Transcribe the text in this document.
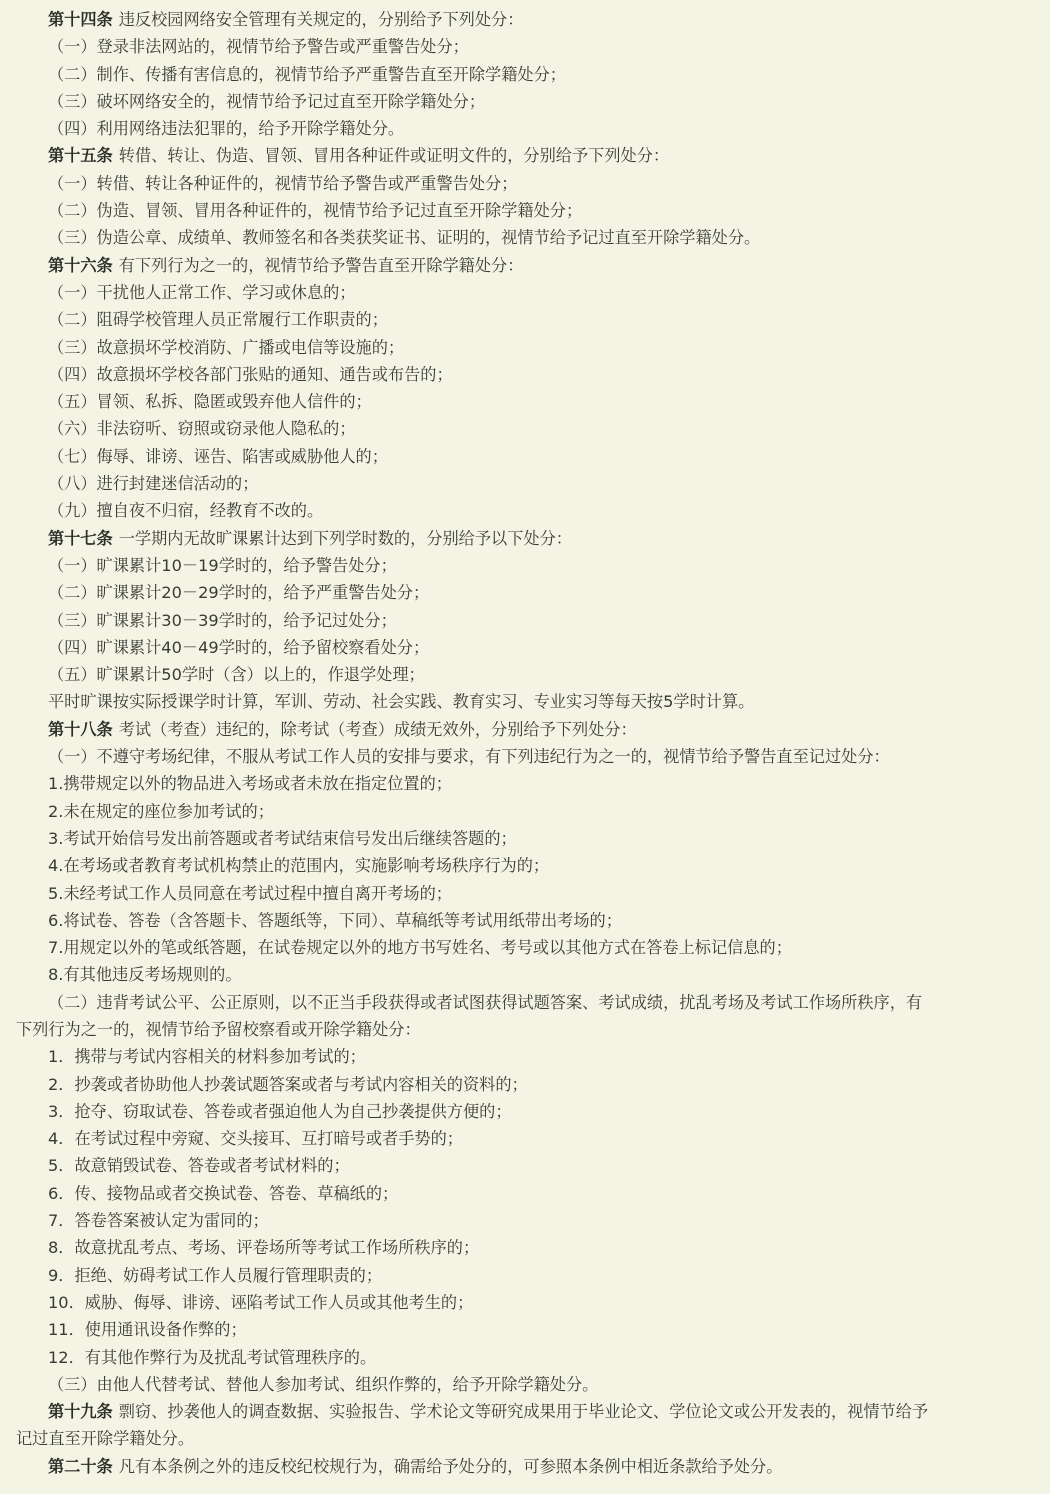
第十四条 违反校园网络安全管理有关规定的，分别给予下列处分：
（一）登录非法网站的，视情节给予警告或严重警告处分；
（二）制作、传播有害信息的，视情节给予严重警告直至开除学籍处分；
（三）破坏网络安全的，视情节给予记过直至开除学籍处分；
（四）利用网络违法犯罪的，给予开除学籍处分。
第十五条 转借、转让、伪造、冒领、冒用各种证件或证明文件的，分别给予下列处分：
（一）转借、转让各种证件的，视情节给予警告或严重警告处分；
（二）伪造、冒领、冒用各种证件的，视情节给予记过直至开除学籍处分；
（三）伪造公章、成绩单、教师签名和各类获奖证书、证明的，视情节给予记过直至开除学籍处分。
第十六条 有下列行为之一的，视情节给予警告直至开除学籍处分：
（一）干扰他人正常工作、学习或休息的；
（二）阻碍学校管理人员正常履行工作职责的；
（三）故意损坏学校消防、广播或电信等设施的；
（四）故意损坏学校各部门张贴的通知、通告或布告的；
（五）冒领、私拆、隐匿或毁弃他人信件的；
（六）非法窃听、窃照或窃录他人隐私的；
（七）侮辱、诽谤、诬告、陷害或威胁他人的；
（八）进行封建迷信活动的；
（九）擅自夜不归宿，经教育不改的。
第十七条 一学期内无故旷课累计达到下列学时数的，分别给予以下处分：
（一）旷课累计10－19学时的，给予警告处分；
（二）旷课累计20－29学时的，给予严重警告处分；
（三）旷课累计30－39学时的，给予记过处分；
（四）旷课累计40－49学时的，给予留校察看处分；
（五）旷课累计50学时（含）以上的，作退学处理；
平时旷课按实际授课学时计算，军训、劳动、社会实践、教育实习、专业实习等每天按5学时计算。
第十八条 考试（考查）违纪的，除考试（考查）成绩无效外，分别给予下列处分：
（一）不遵守考场纪律，不服从考试工作人员的安排与要求，有下列违纪行为之一的，视情节给予警告直至记过处分：
1.携带规定以外的物品进入考场或者未放在指定位置的；
2.未在规定的座位参加考试的；
3.考试开始信号发出前答题或者考试结束信号发出后继续答题的；
4.在考场或者教育考试机构禁止的范围内，实施影响考场秩序行为的；
5.未经考试工作人员同意在考试过程中擅自离开考场的；
6.将试卷、答卷（含答题卡、答题纸等，下同）、草稿纸等考试用纸带出考场的；
7.用规定以外的笔或纸答题，在试卷规定以外的地方书写姓名、考号或以其他方式在答卷上标记信息的；
8.有其他违反考场规则的。
（二）违背考试公平、公正原则，以不正当手段获得或者试图获得试题答案、考试成绩，扰乱考场及考试工作场所秩序，有
下列行为之一的，视情节给予留校察看或开除学籍处分：
1．携带与考试内容相关的材料参加考试的；
2．抄袭或者协助他人抄袭试题答案或者与考试内容相关的资料的；
3．抢夺、窃取试卷、答卷或者强迫他人为自己抄袭提供方便的；
4．在考试过程中旁窥、交头接耳、互打暗号或者手势的；
5．故意销毁试卷、答卷或者考试材料的；
6．传、接物品或者交换试卷、答卷、草稿纸的；
7．答卷答案被认定为雷同的；
8．故意扰乱考点、考场、评卷场所等考试工作场所秩序的；
9．拒绝、妨碍考试工作人员履行管理职责的；
10．威胁、侮辱、诽谤、诬陷考试工作人员或其他考生的；
11．使用通讯设备作弊的；
12．有其他作弊行为及扰乱考试管理秩序的。
（三）由他人代替考试、替他人参加考试、组织作弊的，给予开除学籍处分。
第十九条 剽窃、抄袭他人的调查数据、实验报告、学术论文等研究成果用于毕业论文、学位论文或公开发表的，视情节给予
记过直至开除学籍处分。
第二十条 凡有本条例之外的违反校纪校规行为，确需给予处分的，可参照本条例中相近条款给予处分。
